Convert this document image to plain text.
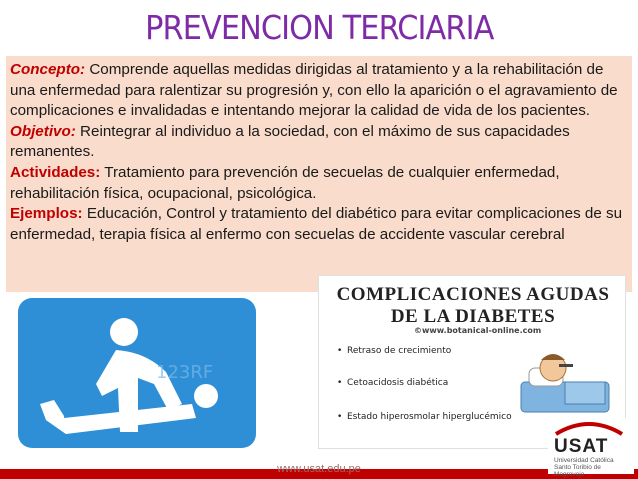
PREVENCION TERCIARIA
Concepto: Comprende aquellas medidas dirigidas al tratamiento y a la rehabilitación de una enfermedad para ralentizar su progresión y, con ello la aparición o el agravamiento de complicaciones e invalidadas e intentando mejorar la calidad de vida de los pacientes.
Objetivo: Reintegrar al individuo a la sociedad, con el máximo de sus capacidades remanentes.
Actividades: Tratamiento para prevención de secuelas de cualquier enfermedad, rehabilitación física, ocupacional, psicológica.
Ejemplos: Educación, Control y tratamiento del diabético para evitar complicaciones de su enfermedad, terapia física al enfermo con secuelas de accidente vascular cerebral
123RF
COMPLICACIONES AGUDAS
DE LA DIABETES
©www.botanical-online.com
• Retraso de crecimiento
• Cetoacidosis diabética
• Estado hiperosmolar hiperglucémico
www.usat.edu.pe
USAT
Universidad Católica Santo Toribio de Mogrovejo
